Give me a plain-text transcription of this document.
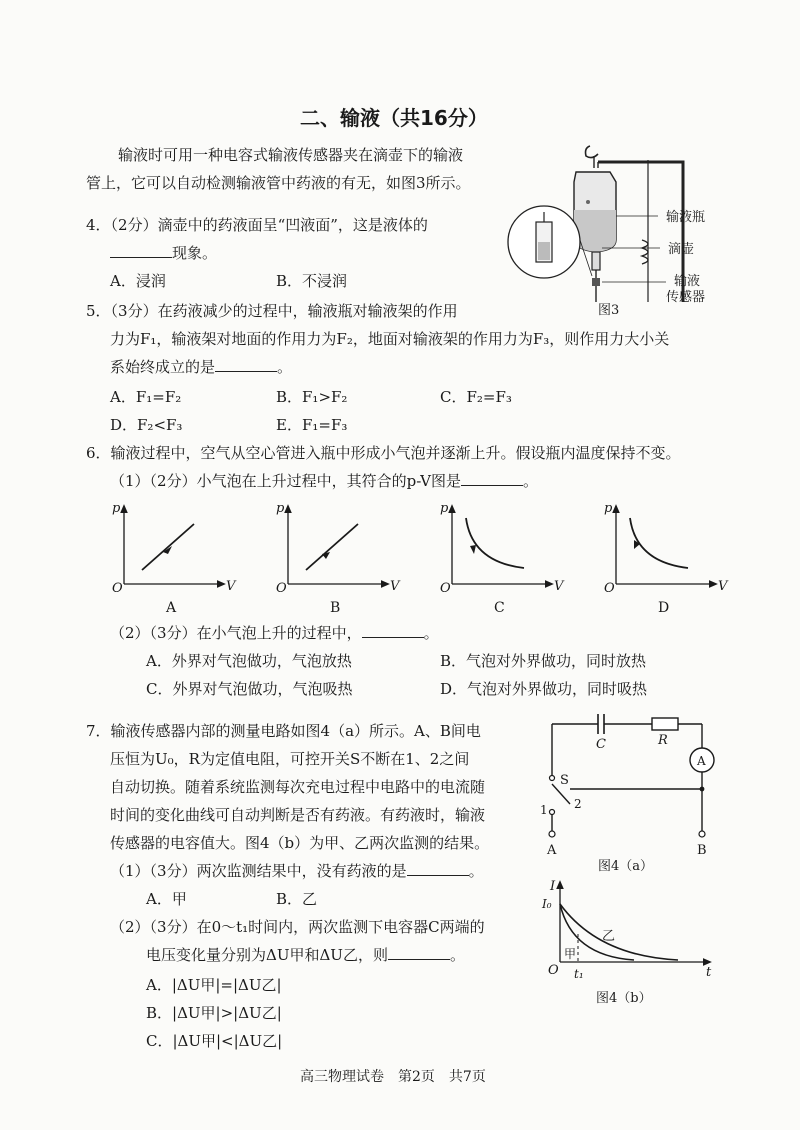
二、输液（共16分）
输液时可用一种电容式输液传感器夹在滴壶下的输液
管上，它可以自动检测输液管中药液的有无，如图3所示。
4．（2分）滴壶中的药液面呈“凹液面”，这是液体的
现象。
A．浸润	B．不浸润
输液瓶
滴壶
输液
传感器
图3
5．（3分）在药液减少的过程中，输液瓶对输液架的作用
力为F₁，输液架对地面的作用力为F₂，地面对输液架的作用力为F₃，则作用力大小关
系始终成立的是	。
A．F₁=F₂	B．F₁>F₂	C．F₂=F₃
D．F₂<F₃	E．F₁=F₃
6．输液过程中，空气从空心管进入瓶中形成小气泡并逐渐上升。假设瓶内温度保持不变。
（1）（2分）小气泡在上升过程中，其符合的p-V图是	。
p
O	V
A
p
O	V
B
p
O	V
C
p
O	V
D
（2）（3分）在小气泡上升的过程中，	。
A．外界对气泡做功，气泡放热	B．气泡对外界做功，同时放热
C．外界对气泡做功，气泡吸热	D．气泡对外界做功，同时吸热
7．输液传感器内部的测量电路如图4（a）所示。A、B间电
压恒为U₀，R为定值电阻，可控开关S不断在1、2之间
自动切换。随着系统监测每次充电过程中电路中的电流随
时间的变化曲线可自动判断是否有药液。有药液时，输液
传感器的电容值大。图4（b）为甲、乙两次监测的结果。
（1）（3分）两次监测结果中，没有药液的是	。
A．甲	B．乙
（2）（3分）在0～t₁时间内，两次监测下电容器C两端的
电压变化量分别为ΔU甲和ΔU乙，则	。
A．|ΔU甲|=|ΔU乙|
B．|ΔU甲|>|ΔU乙|
C．|ΔU甲|<|ΔU乙|
C	R
A
S
1 2
A	B
图4（a）
I
I₀
O	t
t₁
甲
乙
图4（b）
高三物理试卷　第2页　共7页
